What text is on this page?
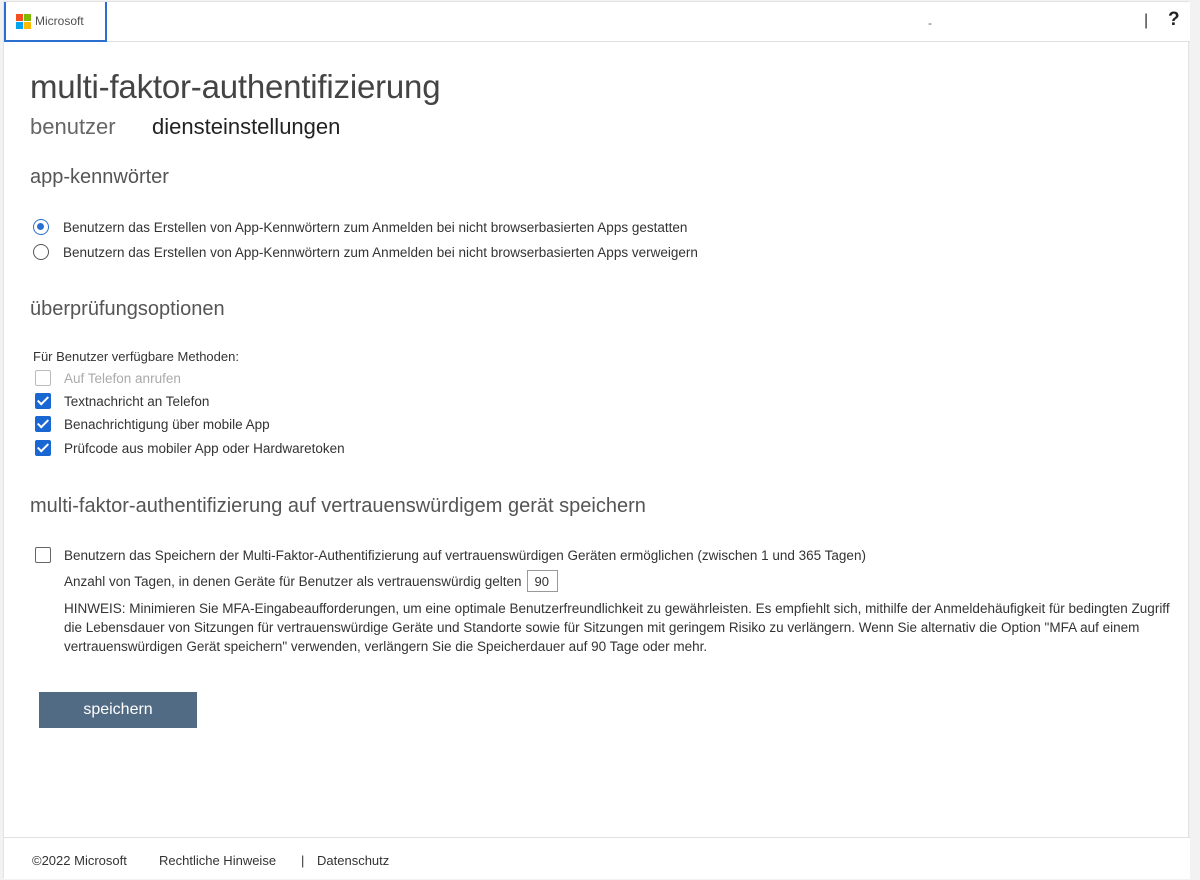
Microsoft	-	| ?
multi-faktor-authentifizierung
benutzer diensteinstellungen
app-kennwörter
Benutzern das Erstellen von App-Kennwörtern zum Anmelden bei nicht browserbasierten Apps gestatten
Benutzern das Erstellen von App-Kennwörtern zum Anmelden bei nicht browserbasierten Apps verweigern
überprüfungsoptionen
Für Benutzer verfügbare Methoden:
Auf Telefon anrufen
Textnachricht an Telefon
Benachrichtigung über mobile App
Prüfcode aus mobiler App oder Hardwaretoken
multi-faktor-authentifizierung auf vertrauenswürdigem gerät speichern
Benutzern das Speichern der Multi-Faktor-Authentifizierung auf vertrauenswürdigen Geräten ermöglichen (zwischen 1 und 365 Tagen)
Anzahl von Tagen, in denen Geräte für Benutzer als vertrauenswürdig gelten
90

HINWEIS: Minimieren Sie MFA-Eingabeaufforderungen, um eine optimale Benutzerfreundlichkeit zu gewährleisten. Es empfiehlt sich, mithilfe der Anmeldehäufigkeit für bedingten Zugriff die Lebensdauer von Sitzungen für vertrauenswürdige Geräte und Standorte sowie für Sitzungen mit geringem Risiko zu verlängern. Wenn Sie alternativ die Option "MFA auf einem vertrauenswürdigen Gerät speichern" verwenden, verlängern Sie die Speicherdauer auf 90 Tage oder mehr.

speichern
©2022 Microsoft Rechtliche Hinweise | Datenschutz
